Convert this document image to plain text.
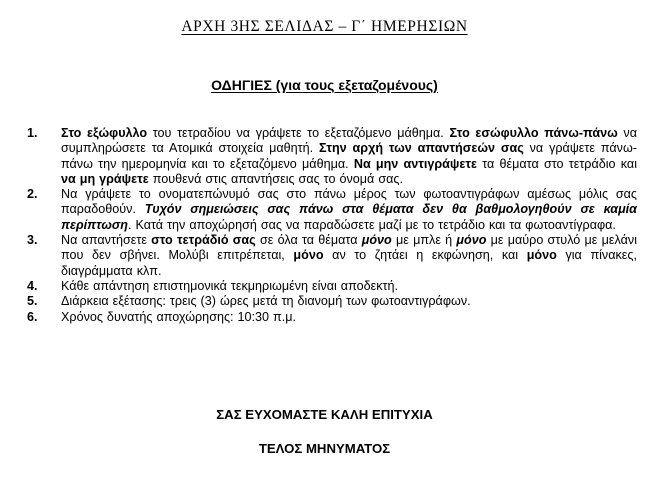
ΑΡΧΗ 3ΗΣ ΣΕΛΙΔΑΣ – Γ΄ ΗΜΕΡΗΣΙΩΝ
ΟΔΗΓΙΕΣ (για τους εξεταζομένους)
1.	Στο εξώφυλλο του τετραδίου να γράψετε το εξεταζόμενο μάθημα. Στο εσώφυλλο πάνω-πάνω να συμπληρώσετε τα Ατομικά στοιχεία μαθητή. Στην αρχή των απαντήσεών σας να γράψετε πάνω-πάνω την ημερομηνία και το εξεταζόμενο μάθημα. Να μην αντιγράψετε τα θέματα στο τετράδιο και να μη γράψετε πουθενά στις απαντήσεις σας το όνομά σας.
2.	Να γράψετε το ονοματεπώνυμό σας στο πάνω μέρος των φωτοαντιγράφων αμέσως μόλις σας παραδοθούν. Τυχόν σημειώσεις σας πάνω στα θέματα δεν θα βαθμολογηθούν σε καμία περίπτωση. Κατά την αποχώρησή σας να παραδώσετε μαζί με το τετράδιο και τα φωτοαντίγραφα.
3.	Να απαντήσετε στο τετράδιό σας σε όλα τα θέματα μόνο με μπλε ή μόνο με μαύρο στυλό με μελάνι που δεν σβήνει. Μολύβι επιτρέπεται, μόνο αν το ζητάει η εκφώνηση, και μόνο για πίνακες, διαγράμματα κλπ.
4.	Κάθε απάντηση επιστημονικά τεκμηριωμένη είναι αποδεκτή.
5.	Διάρκεια εξέτασης: τρεις (3) ώρες μετά τη διανομή των φωτοαντιγράφων.
6.	Χρόνος δυνατής αποχώρησης: 10:30 π.μ.
ΣΑΣ ΕΥΧΟΜΑΣΤΕ ΚΑΛΗ ΕΠΙΤΥΧΙΑ
ΤΕΛΟΣ ΜΗΝΥΜΑΤΟΣ
